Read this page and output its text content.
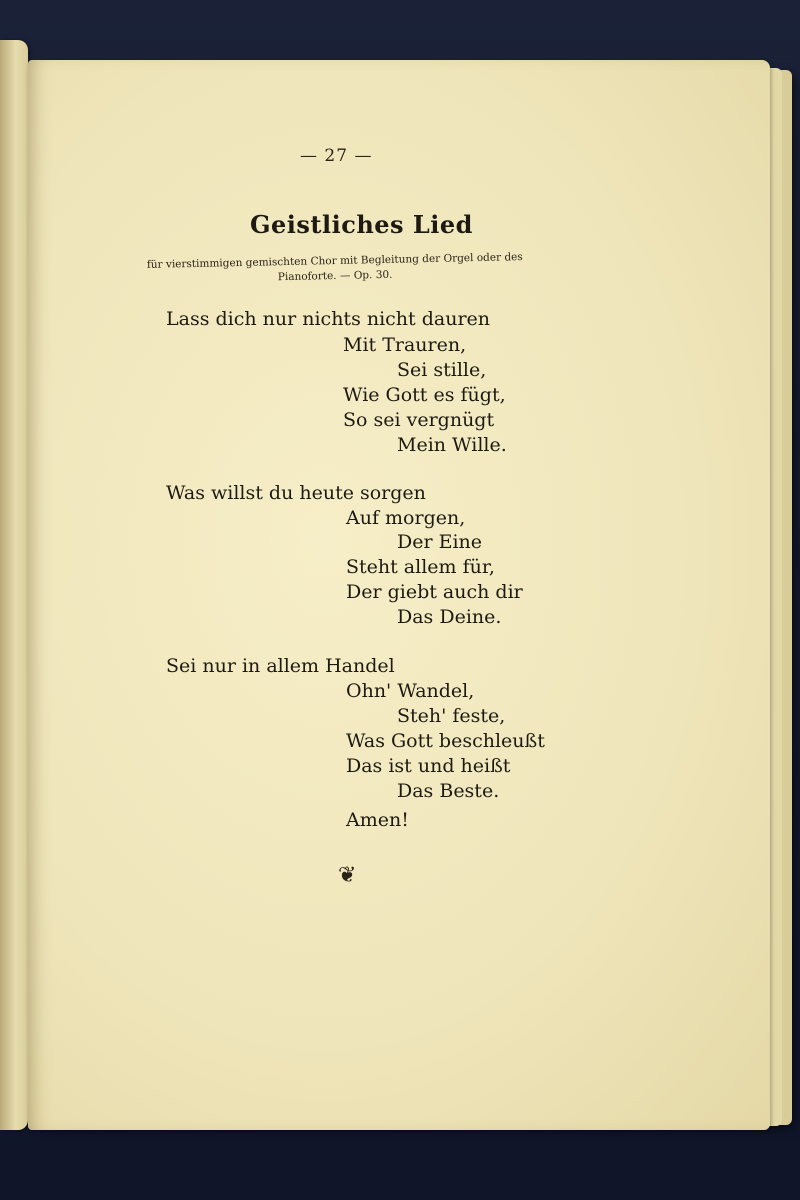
— 27 —
Geistliches Lied
für vierstimmigen gemischten Chor mit Begleitung der Orgel oder des Pianoforte. — Op. 30.
Lass dich nur nichts nicht dauren
Mit Trauren,
Sei stille,
Wie Gott es fügt,
So sei vergnügt
Mein Wille.
Was willst du heute sorgen
Auf morgen,
Der Eine
Steht allem für,
Der giebt auch dir
Das Deine.
Sei nur in allem Handel
Ohn' Wandel,
Steh' feste,
Was Gott beschleußt
Das ist und heißt
Das Beste.
Amen!
❦
